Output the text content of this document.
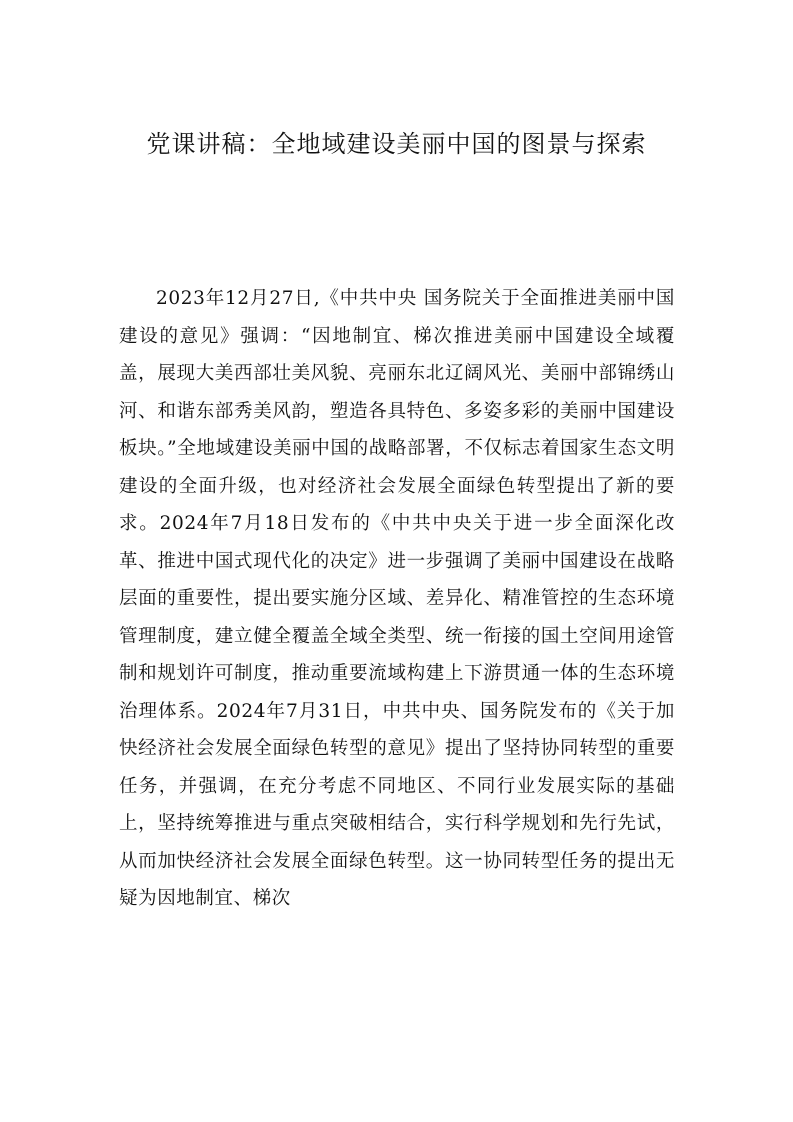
党课讲稿：全地域建设美丽中国的图景与探索

2023年12月27日,《中共中央 国务院关于全面推进美丽中国建设的意见》强调：“因地制宜、梯次推进美丽中国建设全域覆盖，展现大美西部壮美风貌、亮丽东北辽阔风光、美丽中部锦绣山河、和谐东部秀美风韵，塑造各具特色、多姿多彩的美丽中国建设板块。”全地域建设美丽中国的战略部署，不仅标志着国家生态文明建设的全面升级，也对经济社会发展全面绿色转型提出了新的要求。2024年7月18日发布的《中共中央关于进一步全面深化改革、推进中国式现代化的决定》进一步强调了美丽中国建设在战略层面的重要性，提出要实施分区域、差异化、精准管控的生态环境管理制度，建立健全覆盖全域全类型、统一衔接的国土空间用途管制和规划许可制度，推动重要流域构建上下游贯通一体的生态环境治理体系。2024年7月31日，中共中央、国务院发布的《关于加快经济社会发展全面绿色转型的意见》提出了坚持协同转型的重要任务，并强调，在充分考虑不同地区、不同行业发展实际的基础上，坚持统筹推进与重点突破相结合，实行科学规划和先行先试，从而加快经济社会发展全面绿色转型。这一协同转型任务的提出无疑为因地制宜、梯次
